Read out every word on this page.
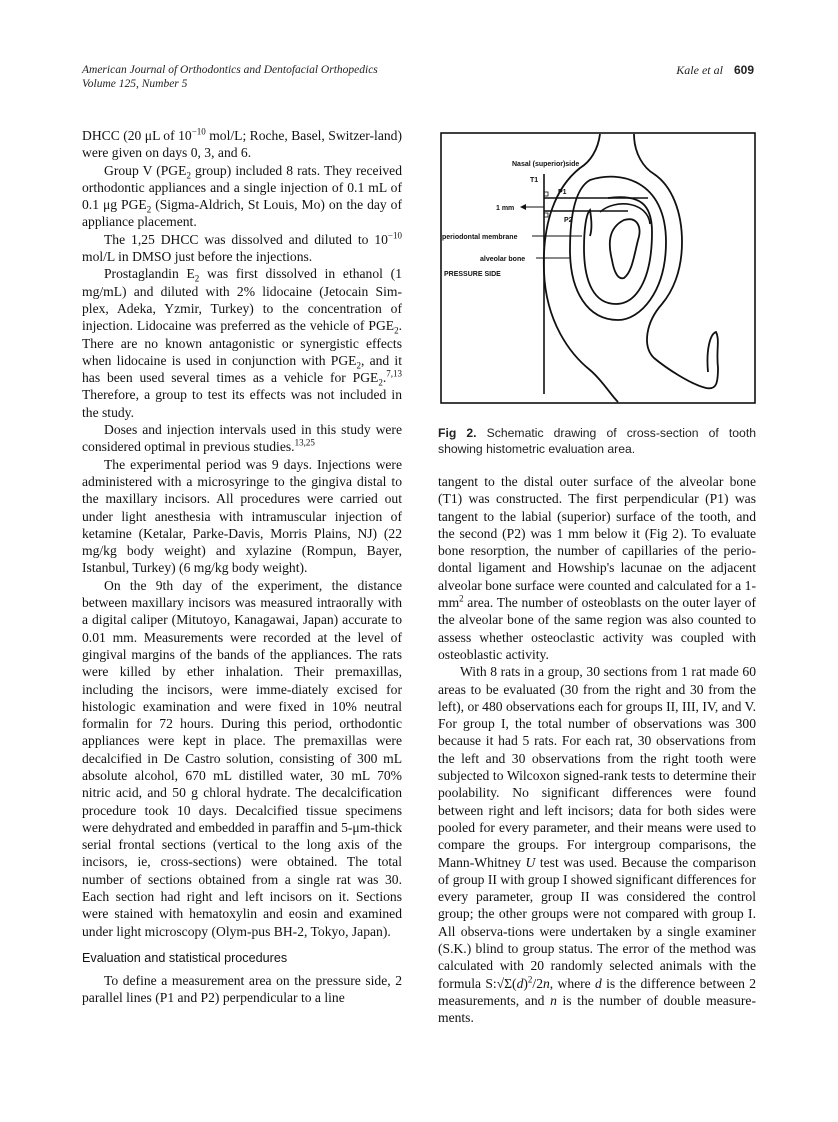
American Journal of Orthodontics and Dentofacial Orthopedics
Volume 125, Number 5
Kale et al 609

DHCC (20 μL of $10^{-10}$ mol/L; Roche, Basel, Switzer-land) were given on days 0, 3, and 6.

Group V ($PGE_2$ group) included 8 rats. They received orthodontic appliances and a single injection of 0.1 mL of 0.1 μg $PGE_2$ (Sigma-Aldrich, St Louis, Mo) on the day of appliance placement.

The 1,25 DHCC was dissolved and diluted to $10^{-10}$ mol/L in DMSO just before the injections.

Prostaglandin $E_2$ was first dissolved in ethanol (1 mg/mL) and diluted with 2% lidocaine (Jetocain Sim-plex, Adeka, Yzmir, Turkey) to the concentration of injection. Lidocaine was preferred as the vehicle of $PGE_2$. There are no known antagonistic or synergistic effects when lidocaine is used in conjunction with $PGE_2$, and it has been used several times as a vehicle for $PGE_2.^{7,13}$ Therefore, a group to test its effects was not included in the study.

Doses and injection intervals used in this study were considered optimal in previous studies.$^{13,25}$

The experimental period was 9 days. Injections were administered with a microsyringe to the gingiva distal to the maxillary incisors. All procedures were carried out under light anesthesia with intramuscular injection of ketamine (Ketalar, Parke-Davis, Morris Plains, NJ) (22 mg/kg body weight) and xylazine (Rompun, Bayer, Istanbul, Turkey) (6 mg/kg body weight).

On the 9th day of the experiment, the distance between maxillary incisors was measured intraorally with a digital caliper (Mitutoyo, Kanagawai, Japan) accurate to 0.01 mm. Measurements were recorded at the level of gingival margins of the bands of the appliances. The rats were killed by ether inhalation. Their premaxillas, including the incisors, were imme-diately excised for histologic examination and were fixed in 10% neutral formalin for 72 hours. During this period, orthodontic appliances were kept in place. The premaxillas were decalcified in De Castro solution, consisting of 300 mL absolute alcohol, 670 mL distilled water, 30 mL 70% nitric acid, and 50 g chloral hydrate. The decalcification procedure took 10 days. Decalcified tissue specimens were dehydrated and embedded in paraffin and 5-μm-thick serial frontal sections (vertical to the long axis of the incisors, ie, cross-sections) were obtained. The total number of sections obtained from a single rat was 30. Each section had right and left incisors on it. Sections were stained with hematoxylin and eosin and examined under light microscopy (Olym-pus BH-2, Tokyo, Japan).

Evaluation and statistical procedures

To define a measurement area on the pressure side, 2 parallel lines (P1 and P2) perpendicular to a line

Nasal (superior)side
T1
P1
P2
1 mm
periodontal membrane
alveolar bone
PRESSURE SIDE
Fig 2. Schematic drawing of cross-section of tooth showing histometric evaluation area.

tangent to the distal outer surface of the alveolar bone (T1) was constructed. The first perpendicular (P1) was tangent to the labial (superior) surface of the tooth, and the second (P2) was 1 mm below it (Fig 2). To evaluate bone resorption, the number of capillaries of the perio-dontal ligament and Howship's lacunae on the adjacent alveolar bone surface were counted and calculated for a $1-mm^2$ area. The number of osteoblasts on the outer layer of the alveolar bone of the same region was also counted to assess whether osteoclastic activity was coupled with osteoblastic activity.

With 8 rats in a group, 30 sections from 1 rat made 60 areas to be evaluated (30 from the right and 30 from the left), or 480 observations each for groups II, III, IV, and V. For group I, the total number of observations was 300 because it had 5 rats. For each rat, 30 observations from the left and 30 observations from the right tooth were subjected to Wilcoxon signed-rank tests to determine their poolability. No significant differences were found between right and left incisors; data for both sides were pooled for every parameter, and their means were used to compare the groups. For intergroup comparisons, the Mann-Whitney U test was used. Because the comparison of group II with group I showed significant differences for every parameter, group II was considered the control group; the other groups were not compared with group I. All observa-tions were undertaken by a single examiner (S.K.) blind to group status. The error of the method was calculated with 20 randomly selected animals with the formula $S:√\Sigma(d)^2/2n$, where d is the difference between 2 measurements, and n is the number of double measure-ments.
